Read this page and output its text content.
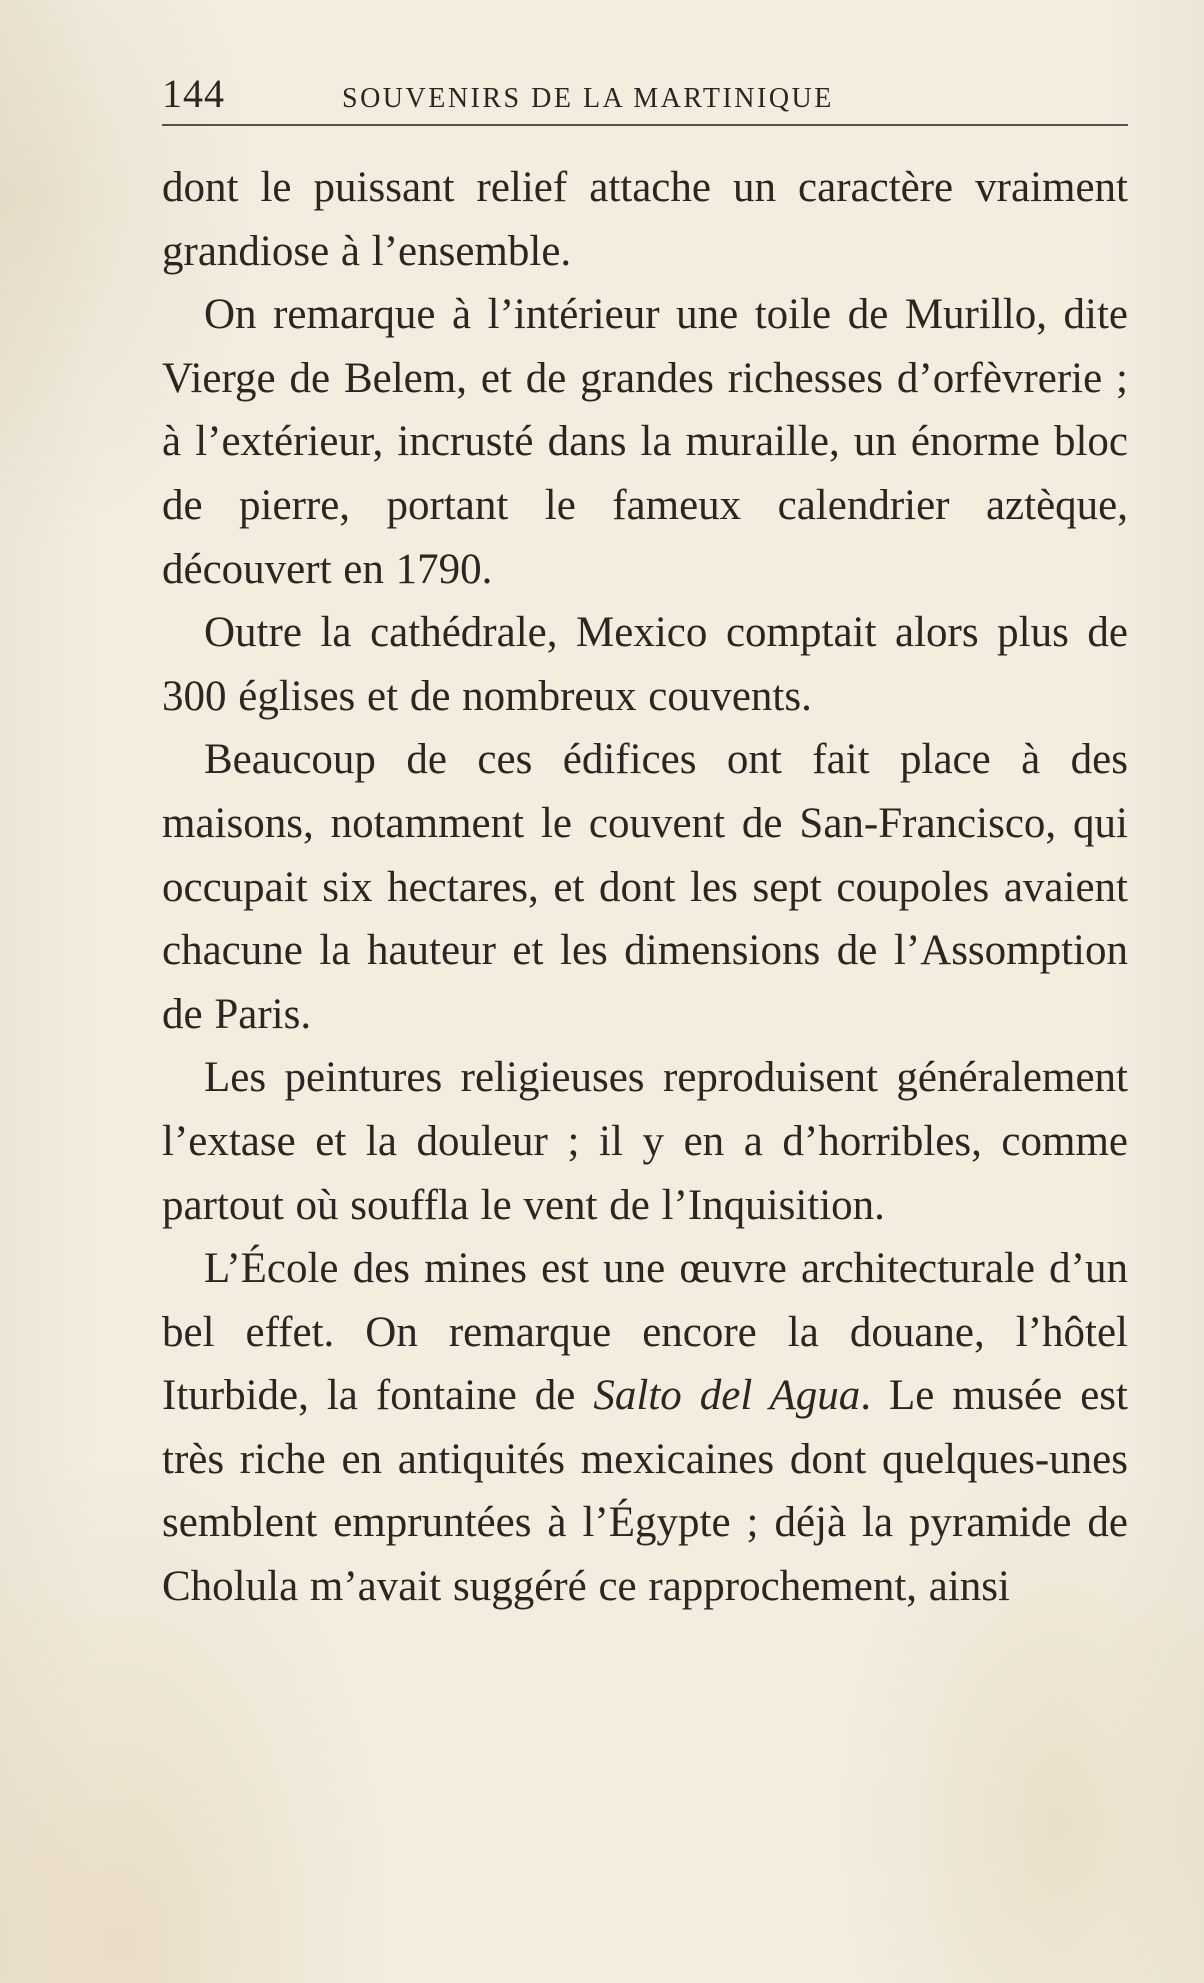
144	SOUVENIRS DE LA MARTINIQUE

dont le puissant relief attache un caractère vraiment grandiose à l’ensemble.

On remarque à l’intérieur une toile de Murillo, dite Vierge de Belem, et de grandes richesses d’orfèvrerie ; à l’extérieur, incrusté dans la muraille, un énorme bloc de pierre, portant le fameux calendrier aztèque, découvert en 1790.

Outre la cathédrale, Mexico comptait alors plus de 300 églises et de nombreux couvents.

Beaucoup de ces édifices ont fait place à des maisons, notamment le couvent de San-Francisco, qui occupait six hectares, et dont les sept coupoles avaient chacune la hauteur et les dimensions de l’Assomption de Paris.

Les peintures religieuses reproduisent généralement l’extase et la douleur ; il y en a d’horribles, comme partout où souffla le vent de l’Inquisition.

L’École des mines est une œuvre architecturale d’un bel effet. On remarque encore la douane, l’hôtel Iturbide, la fontaine de Salto del Agua. Le musée est très riche en antiquités mexicaines dont quelques-unes semblent empruntées à l’Égypte ; déjà la pyramide de Cholula m’avait suggéré ce rapprochement, ainsi
